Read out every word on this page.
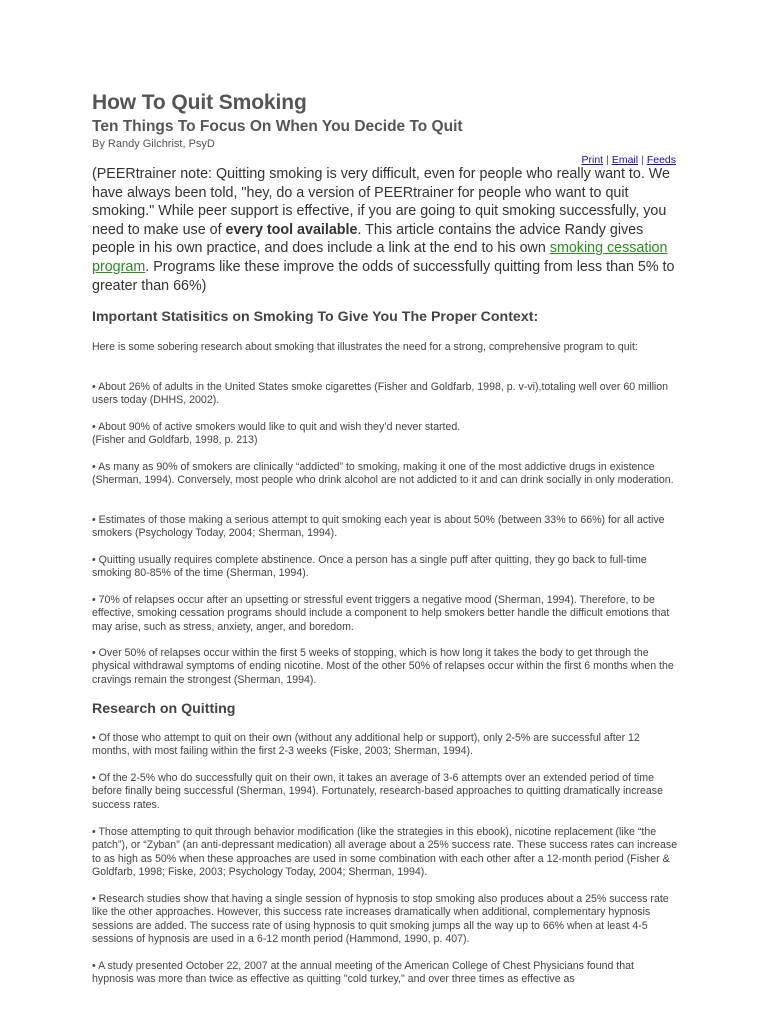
How To Quit Smoking
Ten Things To Focus On When You Decide To Quit
By Randy Gilchrist, PsyD
Print | Email | Feeds

(PEERtrainer note: Quitting smoking is very difficult, even for people who really want to. We have always been told, "hey, do a version of PEERtrainer for people who want to quit smoking." While peer support is effective, if you are going to quit smoking successfully, you need to make use of every tool available. This article contains the advice Randy gives people in his own practice, and does include a link at the end to his own smoking cessation program. Programs like these improve the odds of successfully quitting from less than 5% to greater than 66%)

Important Statisitics on Smoking To Give You The Proper Context:

Here is some sobering research about smoking that illustrates the need for a strong, comprehensive program to quit:

• About 26% of adults in the United States smoke cigarettes (Fisher and Goldfarb, 1998, p. v-vi),totaling well over 60 million users today (DHHS, 2002).

• About 90% of active smokers would like to quit and wish they’d never started.

(Fisher and Goldfarb, 1998, p. 213)

• As many as 90% of smokers are clinically “addicted” to smoking, making it one of the most addictive drugs in existence (Sherman, 1994). Conversely, most people who drink alcohol are not addicted to it and can drink socially in only moderation.

• Estimates of those making a serious attempt to quit smoking each year is about 50% (between 33% to 66%) for all active smokers (Psychology Today, 2004; Sherman, 1994).

• Quitting usually requires complete abstinence. Once a person has a single puff after quitting, they go back to full-time smoking 80-85% of the time (Sherman, 1994).

• 70% of relapses occur after an upsetting or stressful event triggers a negative mood (Sherman, 1994). Therefore, to be effective, smoking cessation programs should include a component to help smokers better handle the difficult emotions that may arise, such as stress, anxiety, anger, and boredom.

• Over 50% of relapses occur within the first 5 weeks of stopping, which is how long it takes the body to get through the physical withdrawal symptoms of ending nicotine. Most of the other 50% of relapses occur within the first 6 months when the cravings remain the strongest (Sherman, 1994).

Research on Quitting

• Of those who attempt to quit on their own (without any additional help or support), only 2-5% are successful after 12 months, with most failing within the first 2-3 weeks (Fiske, 2003; Sherman, 1994).

• Of the 2-5% who do successfully quit on their own, it takes an average of 3-6 attempts over an extended period of time before finally being successful (Sherman, 1994). Fortunately, research-based approaches to quitting dramatically increase success rates.

• Those attempting to quit through behavior modification (like the strategies in this ebook), nicotine replacement (like “the patch”), or “Zyban” (an anti-depressant medication) all average about a 25% success rate. These success rates can increase to as high as 50% when these approaches are used in some combination with each other after a 12-month period (Fisher & Goldfarb, 1998; Fiske, 2003; Psychology Today, 2004; Sherman, 1994).

• Research studies show that having a single session of hypnosis to stop smoking also produces about a 25% success rate like the other approaches. However, this success rate increases dramatically when additional, complementary hypnosis sessions are added. The success rate of using hypnosis to quit smoking jumps all the way up to 66% when at least 4-5 sessions of hypnosis are used in a 6-12 month period (Hammond, 1990, p. 407).

• A study presented October 22, 2007 at the annual meeting of the American College of Chest Physicians found that hypnosis was more than twice as effective as quitting "cold turkey," and over three times as effective as
